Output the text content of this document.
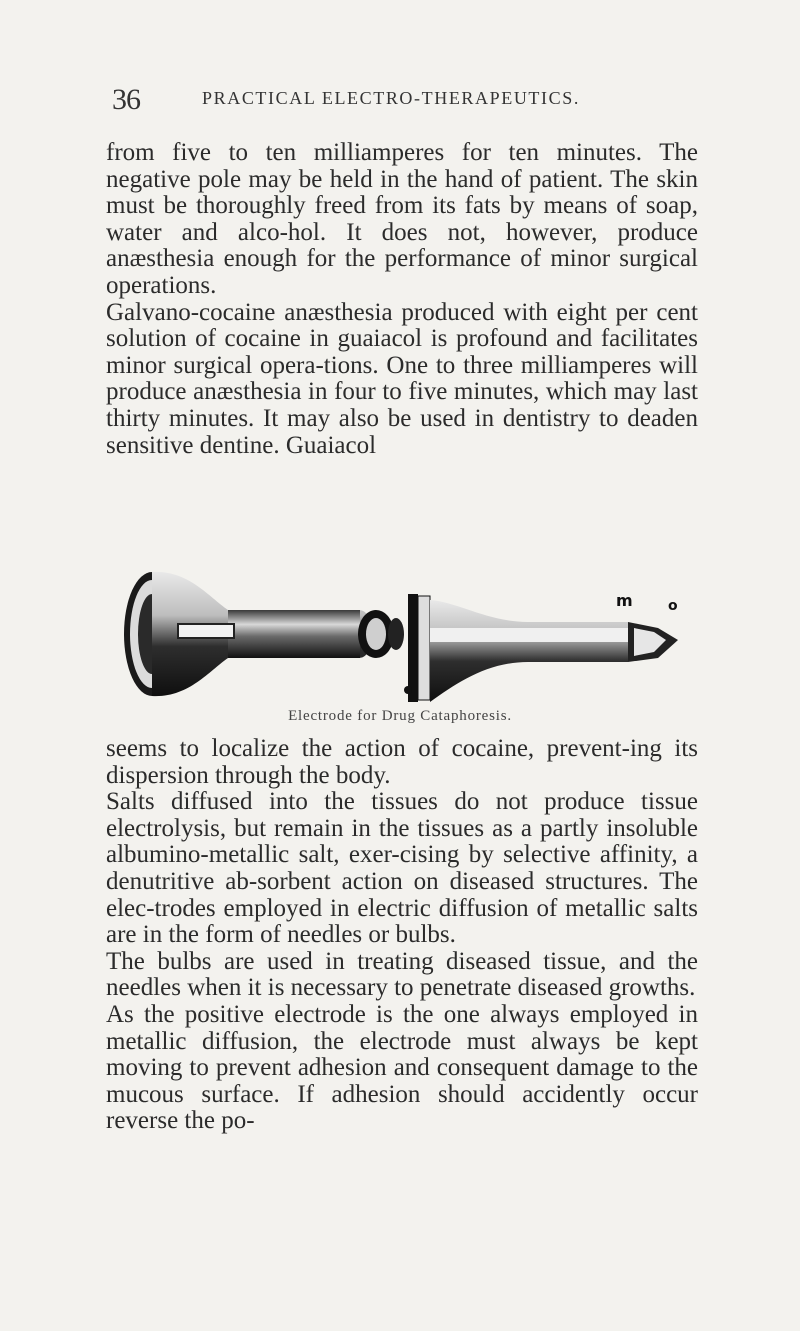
36	PRACTICAL ELECTRO-THERAPEUTICS.

from five to ten milliamperes for ten minutes. The negative pole may be held in the hand of patient. The skin must be thoroughly freed from its fats by means of soap, water and alco-hol. It does not, however, produce anæsthesia enough for the performance of minor surgical operations.

Galvano-cocaine anæsthesia produced with eight per cent solution of cocaine in guaiacol is profound and facilitates minor surgical opera-tions. One to three milliamperes will produce anæsthesia in four to five minutes, which may last thirty minutes. It may also be used in dentistry to deaden sensitive dentine. Guaiacol

m	o
Electrode for Drug Cataphoresis.

seems to localize the action of cocaine, prevent-ing its dispersion through the body.

Salts diffused into the tissues do not produce tissue electrolysis, but remain in the tissues as a partly insoluble albumino-metallic salt, exer-cising by selective affinity, a denutritive ab-sorbent action on diseased structures. The elec-trodes employed in electric diffusion of metallic salts are in the form of needles or bulbs.

The bulbs are used in treating diseased tissue, and the needles when it is necessary to penetrate diseased growths.

As the positive electrode is the one always employed in metallic diffusion, the electrode must always be kept moving to prevent adhesion and consequent damage to the mucous surface. If adhesion should accidently occur reverse the po-
